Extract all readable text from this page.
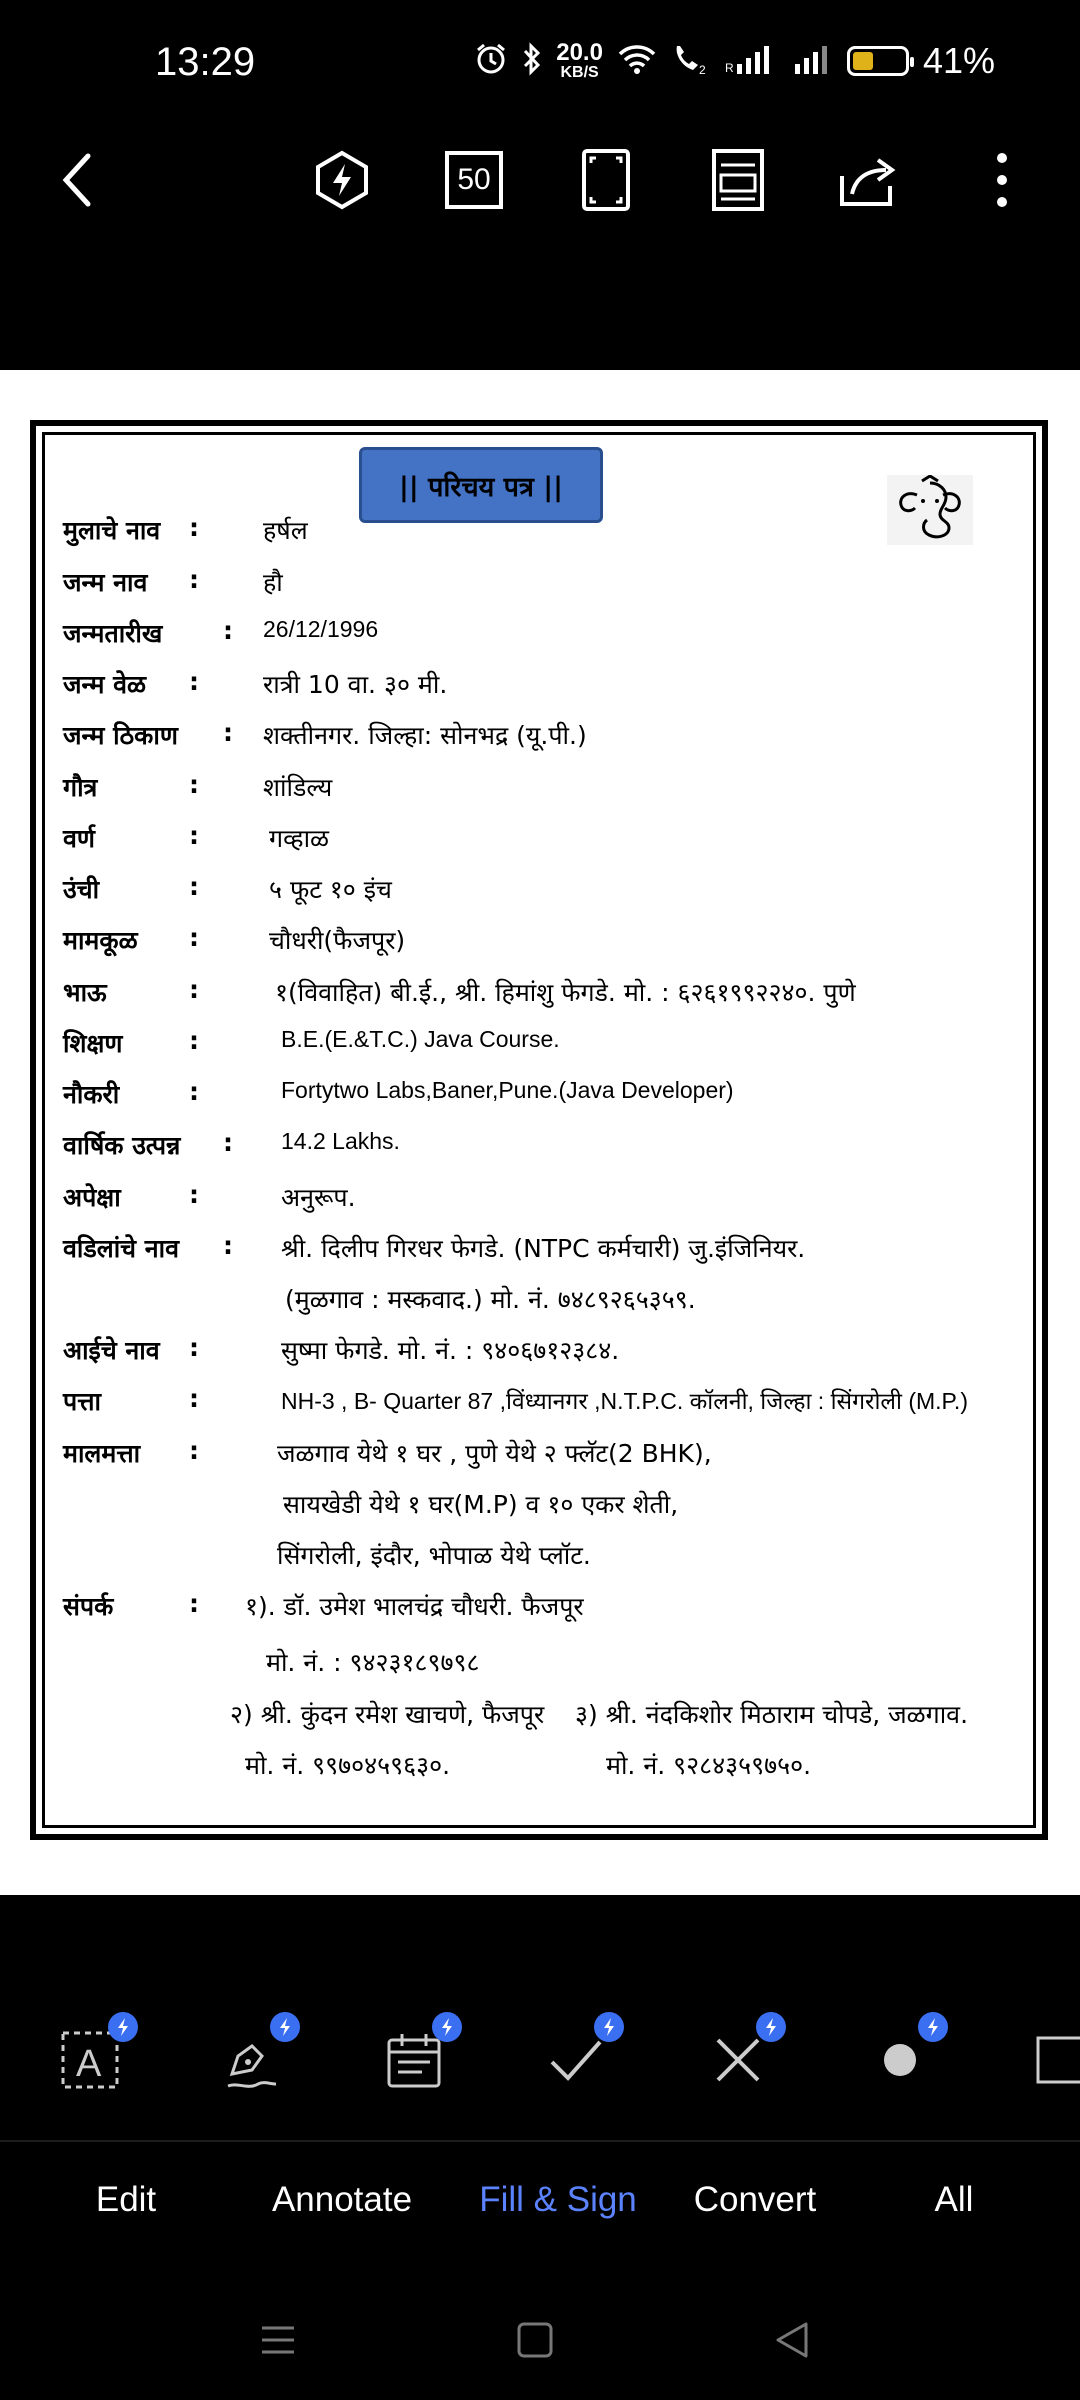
13:29	20.0
KB/S	2 R	41%
50
|| परिचय पत्र ||
मुलाचे नाव :	हर्षल
जन्म नाव :	हौ
जन्मतारीख : 26/12/1996
जन्म वेळ :	रात्री 10 वा. ३० मी.
जन्म ठिकाण : शक्तीनगर. जिल्हा: सोनभद्र (यू.पी.)
गौत्र	:	शांडिल्य
वर्ण	:	गव्हाळ
उंची	:	५ फूट १० इंच
मामकूळ :	चौधरी(फैजपूर)
भाऊ	:	१(विवाहित) बी.ई., श्री. हिमांशु फेगडे. मो. : ६२६१९९२२४०. पुणे
शिक्षण	:	B.E.(E.&T.C.) Java Course.
नौकरी	:	Fortytwo Labs,Baner,Pune.(Java Developer)
वार्षिक उत्पन्न : 14.2 Lakhs.
अपेक्षा	:	अनुरूप.
वडिलांचे नाव : श्री. दिलीप गिरधर फेगडे. (NTPC कर्मचारी) जु.इंजिनियर.
(मुळगाव : मस्कवाद.) मो. नं. ७४८९२६५३५९.
आईचे नाव :	सुष्मा फेगडे. मो. नं. : ९४०६७१२३८४.
पत्ता	:	NH-3 , B- Quarter 87 ,विंध्यानगर ,N.T.P.C. कॉलनी, जिल्हा : सिंगरोली (M.P.)
मालमत्ता :	जळगाव येथे १ घर , पुणे येथे २ फ्लॅट(2 BHK),
सायखेडी येथे १ घर(M.P) व १० एकर शेती,
सिंगरोली, इंदौर, भोपाळ येथे प्लॉट.
संपर्क	: १). डॉ. उमेश भालचंद्र चौधरी. फैजपूर
मो. नं. : ९४२३१८९७९८
२) श्री. कुंदन रमेश खाचणे, फैजपूर ३) श्री. नंदकिशोर मिठाराम चोपडे, जळगाव.
मो. नं. ९९७०४५९६३०.	मो. नं. ९२८४३५९७५०.
A
Edit	Annotate Fill & Sign Convert	All
